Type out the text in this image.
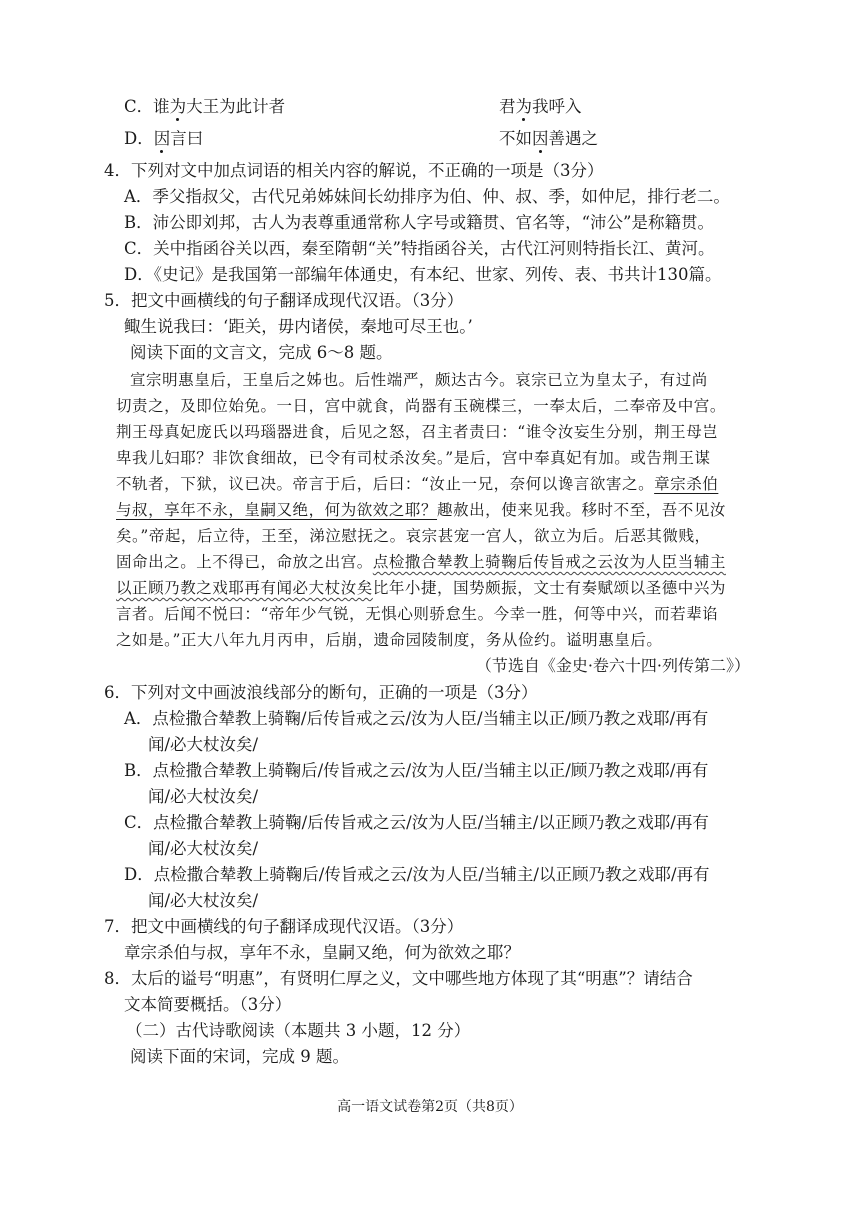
C．谁为大王为此计者	君为我呼入
D．因言曰	不如因善遇之
4．下列对文中加点词语的相关内容的解说，不正确的一项是（3分）
A．季父指叔父，古代兄弟姊妹间长幼排序为伯、仲、叔、季，如仲尼，排行老二。
B．沛公即刘邦，古人为表尊重通常称人字号或籍贯、官名等，“沛公”是称籍贯。
C．关中指函谷关以西，秦至隋朝“关”特指函谷关，古代江河则特指长江、黄河。
D．《史记》是我国第一部编年体通史，有本纪、世家、列传、表、书共计130篇。
5．把文中画横线的句子翻译成现代汉语。（3分）
鲰生说我曰：‘距关，毋内诸侯，秦地可尽王也。’
阅读下面的文言文，完成 6～8 题。
宣宗明惠皇后，王皇后之姊也。后性端严，颇达古今。哀宗已立为皇太子，有过尚
切责之，及即位始免。一日，宫中就食，尚器有玉碗楪三，一奉太后，二奉帝及中宫。
荆王母真妃庞氏以玛瑙器进食，后见之怒，召主者责曰：“谁令汝妄生分别，荆王母岂
卑我儿妇耶？非饮食细故，已令有司杖杀汝矣。”是后，宫中奉真妃有加。或告荆王谋
不轨者，下狱，议已决。帝言于后，后曰：“汝止一兄，奈何以谗言欲害之。章宗杀伯
与叔，享年不永，皇嗣又绝，何为欲效之耶？趣赦出，使来见我。移时不至，吾不见汝
矣。”帝起，后立待，王至，涕泣慰抚之。哀宗甚宠一宫人，欲立为后。后恶其微贱，
固命出之。上不得已，命放之出宫。点检撒合辇教上骑鞠后传旨戒之云汝为人臣当辅主
以正顾乃教之戏耶再有闻必大杖汝矣比年小捷，国势颇振，文士有奏赋颂以圣德中兴为
言者。后闻不悦曰：“帝年少气锐，无惧心则骄怠生。今幸一胜，何等中兴，而若辈谄
之如是。”正大八年九月丙申，后崩，遗命园陵制度，务从俭约。谥明惠皇后。
（节选自《金史·卷六十四·列传第二》）
6．下列对文中画波浪线部分的断句，正确的一项是（3分）
A．点检撒合辇教上骑鞠/后传旨戒之云/汝为人臣/当辅主以正/顾乃教之戏耶/再有
闻/必大杖汝矣/
B．点检撒合辇教上骑鞠后/传旨戒之云/汝为人臣/当辅主以正/顾乃教之戏耶/再有
闻/必大杖汝矣/
C．点检撒合辇教上骑鞠/后传旨戒之云/汝为人臣/当辅主/以正顾乃教之戏耶/再有
闻/必大杖汝矣/
D．点检撒合辇教上骑鞠后/传旨戒之云/汝为人臣/当辅主/以正顾乃教之戏耶/再有
闻/必大杖汝矣/
7．把文中画横线的句子翻译成现代汉语。（3分）
章宗杀伯与叔，享年不永，皇嗣又绝，何为欲效之耶？
8．太后的谥号“明惠”，有贤明仁厚之义，文中哪些地方体现了其“明惠”？请结合
文本简要概括。（3分）
（二）古代诗歌阅读（本题共 3 小题，12 分）
阅读下面的宋词，完成 9 题。
高一语文试卷第2页（共8页）
